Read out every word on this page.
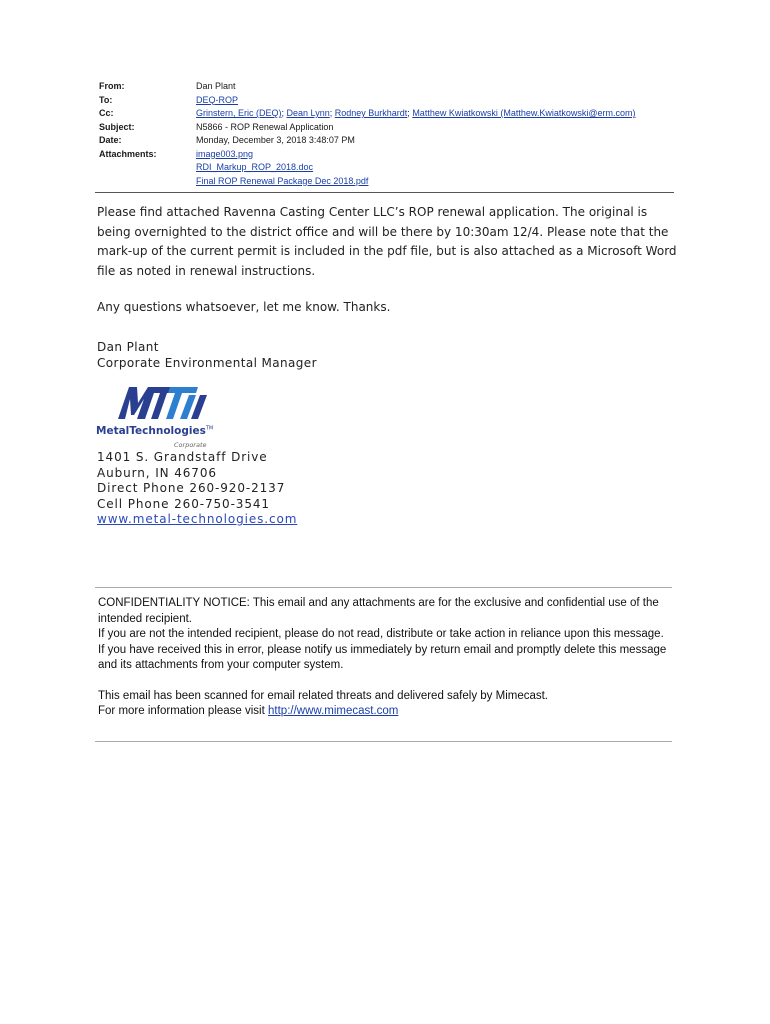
From:	Dan Plant
To:	DEQ-ROP
Cc:	Grinstern, Eric (DEQ); Dean Lynn; Rodney Burkhardt; Matthew Kwiatkowski (Matthew.Kwiatkowski@erm.com)
Subject:	N5866 - ROP Renewal Application
Date:	Monday, December 3, 2018 3:48:07 PM
Attachments:	image003.png
RDI_Markup_ROP_2018.doc
Final ROP Renewal Package Dec 2018.pdf

Please find attached Ravenna Casting Center LLC’s ROP renewal application. The original is being overnighted to the district office and will be there by 10:30am 12/4. Please note that the mark-up of the current permit is included in the pdf file, but is also attached as a Microsoft Word file as noted in renewal instructions.

Any questions whatsoever, let me know. Thanks.

Dan Plant
Corporate Environmental Manager
MetalTechnologies™
Corporate
1401 S. Grandstaff Drive
Auburn, IN 46706
Direct Phone 260-920-2137
Cell Phone 260-750-3541
www.metal-technologies.com

CONFIDENTIALITY NOTICE: This email and any attachments are for the exclusive and confidential use of the intended recipient.

If you are not the intended recipient, please do not read, distribute or take action in reliance upon this message.

If you have received this in error, please notify us immediately by return email and promptly delete this message and its attachments from your computer system.

This email has been scanned for email related threats and delivered safely by Mimecast.

For more information please visit http://www.mimecast.com
